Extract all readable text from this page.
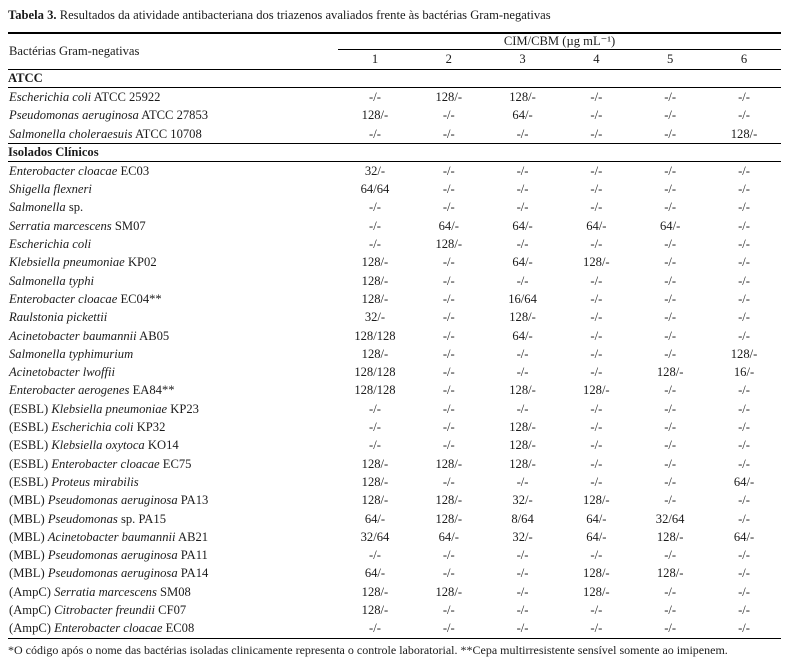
Tabela 3. Resultados da atividade antibacteriana dos triazenos avaliados frente às bactérias Gram-negativas
Bactérias Gram-negativas	CIM/CBM (µg mL⁻¹)					
	1	2	3	4	5	6
ATCC						
Escherichia coli ATCC 25922	-/-	128/-	128/-	-/-	-/-	-/-
Pseudomonas aeruginosa ATCC 27853	128/-	-/-	64/-	-/-	-/-	-/-
Salmonella choleraesuis ATCC 10708	-/-	-/-	-/-	-/-	-/-	128/-
Isolados Clínicos						
Enterobacter cloacae EC03	32/-	-/-	-/-	-/-	-/-	-/-
Shigella flexneri	64/64	-/-	-/-	-/-	-/-	-/-
Salmonella sp.	-/-	-/-	-/-	-/-	-/-	-/-
Serratia marcescens SM07	-/-	64/-	64/-	64/-	64/-	-/-
Escherichia coli	-/-	128/-	-/-	-/-	-/-	-/-
Klebsiella pneumoniae KP02	128/-	-/-	64/-	128/-	-/-	-/-
Salmonella typhi	128/-	-/-	-/-	-/-	-/-	-/-
Enterobacter cloacae EC04**	128/-	-/-	16/64	-/-	-/-	-/-
Raulstonia pickettii	32/-	-/-	128/-	-/-	-/-	-/-
Acinetobacter baumannii AB05	128/128	-/-	64/-	-/-	-/-	-/-
Salmonella typhimurium	128/-	-/-	-/-	-/-	-/-	128/-
Acinetobacter lwoffii	128/128	-/-	-/-	-/-	128/-	16/-
Enterobacter aerogenes EA84**	128/128	-/-	128/-	128/-	-/-	-/-
(ESBL) Klebsiella pneumoniae KP23	-/-	-/-	-/-	-/-	-/-	-/-
(ESBL) Escherichia coli KP32	-/-	-/-	128/-	-/-	-/-	-/-
(ESBL) Klebsiella oxytoca KO14	-/-	-/-	128/-	-/-	-/-	-/-
(ESBL) Enterobacter cloacae EC75	128/-	128/-	128/-	-/-	-/-	-/-
(ESBL) Proteus mirabilis	128/-	-/-	-/-	-/-	-/-	64/-
(MBL) Pseudomonas aeruginosa PA13	128/-	128/-	32/-	128/-	-/-	-/-
(MBL) Pseudomonas sp. PA15	64/-	128/-	8/64	64/-	32/64	-/-
(MBL) Acinetobacter baumannii AB21	32/64	64/-	32/-	64/-	128/-	64/-
(MBL) Pseudomonas aeruginosa PA11	-/-	-/-	-/-	-/-	-/-	-/-
(MBL) Pseudomonas aeruginosa PA14	64/-	-/-	-/-	128/-	128/-	-/-
(AmpC) Serratia marcescens SM08	128/-	128/-	-/-	128/-	-/-	-/-
(AmpC) Citrobacter freundii CF07	128/-	-/-	-/-	-/-	-/-	-/-
(AmpC) Enterobacter cloacae EC08	-/-	-/-	-/-	-/-	-/-	-/-
*O código após o nome das bactérias isoladas clinicamente representa o controle laboratorial. **Cepa multirresistente sensível somente ao imipenem.
